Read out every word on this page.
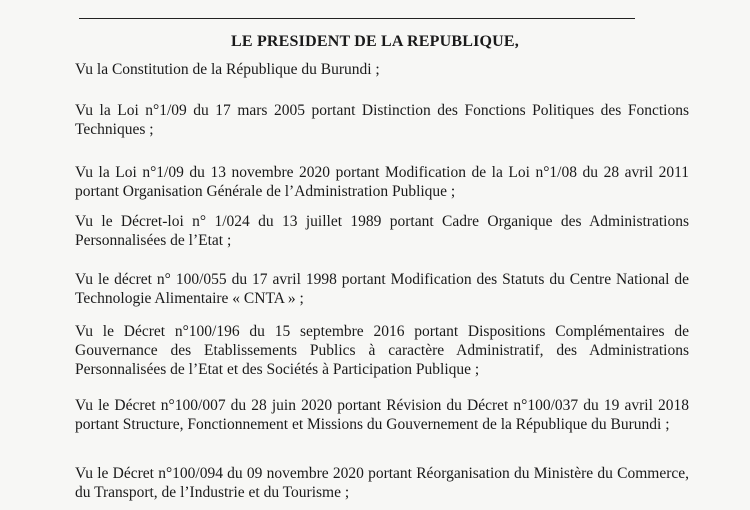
LE PRESIDENT DE LA REPUBLIQUE,
Vu la Constitution de la République du Burundi ;
Vu la Loi n°1/09 du 17 mars 2005 portant Distinction des Fonctions Politiques des Fonctions Techniques ;
Vu la Loi n°1/09 du 13 novembre 2020 portant Modification de la Loi n°1/08 du 28 avril 2011 portant Organisation Générale de l’Administration Publique ;
Vu le Décret-loi n° 1/024 du 13 juillet 1989 portant Cadre Organique des Administrations Personnalisées de l’Etat ;
Vu le décret n° 100/055 du 17 avril 1998 portant Modification des Statuts du Centre National de Technologie Alimentaire « CNTA » ;
Vu le Décret n°100/196 du 15 septembre 2016 portant Dispositions Complémentaires de Gouvernance des Etablissements Publics à caractère Administratif, des Administrations Personnalisées de l’Etat et des Sociétés à Participation Publique ;
Vu le Décret n°100/007 du 28 juin 2020 portant Révision du Décret n°100/037 du 19 avril 2018 portant Structure, Fonctionnement et Missions du Gouvernement de la République du Burundi ;
Vu le Décret n°100/094 du 09 novembre 2020 portant Réorganisation du Ministère du Commerce, du Transport, de l’Industrie et du Tourisme ;
